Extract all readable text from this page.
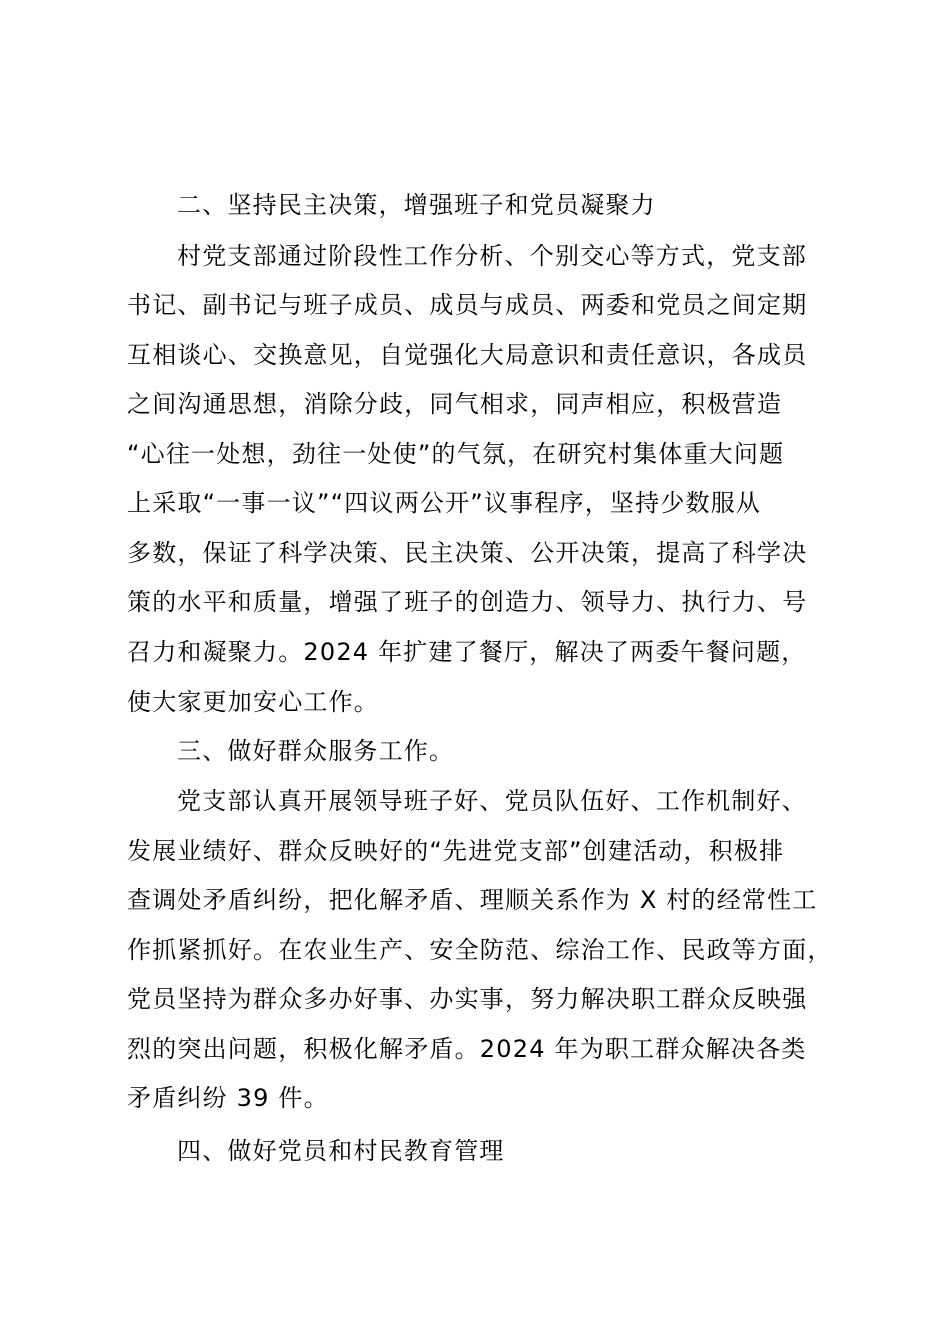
二、坚持民主决策，增强班子和党员凝聚力
村党支部通过阶段性工作分析、个别交心等方式，党支部
书记、副书记与班子成员、成员与成员、两委和党员之间定期
互相谈心、交换意见，自觉强化大局意识和责任意识，各成员
之间沟通思想，消除分歧，同气相求，同声相应，积极营造
“心往一处想，劲往一处使”的气氛，在研究村集体重大问题
上采取“一事一议”“四议两公开”议事程序，坚持少数服从
多数，保证了科学决策、民主决策、公开决策，提高了科学决
策的水平和质量，增强了班子的创造力、领导力、执行力、号
召力和凝聚力。2024 年扩建了餐厅，解决了两委午餐问题，
使大家更加安心工作。
三、做好群众服务工作。
党支部认真开展领导班子好、党员队伍好、工作机制好、
发展业绩好、群众反映好的“先进党支部”创建活动，积极排
查调处矛盾纠纷，把化解矛盾、理顺关系作为 X 村的经常性工
作抓紧抓好。在农业生产、安全防范、综治工作、民政等方面，
党员坚持为群众多办好事、办实事，努力解决职工群众反映强
烈的突出问题，积极化解矛盾。2024 年为职工群众解决各类
矛盾纠纷 39 件。
四、做好党员和村民教育管理
